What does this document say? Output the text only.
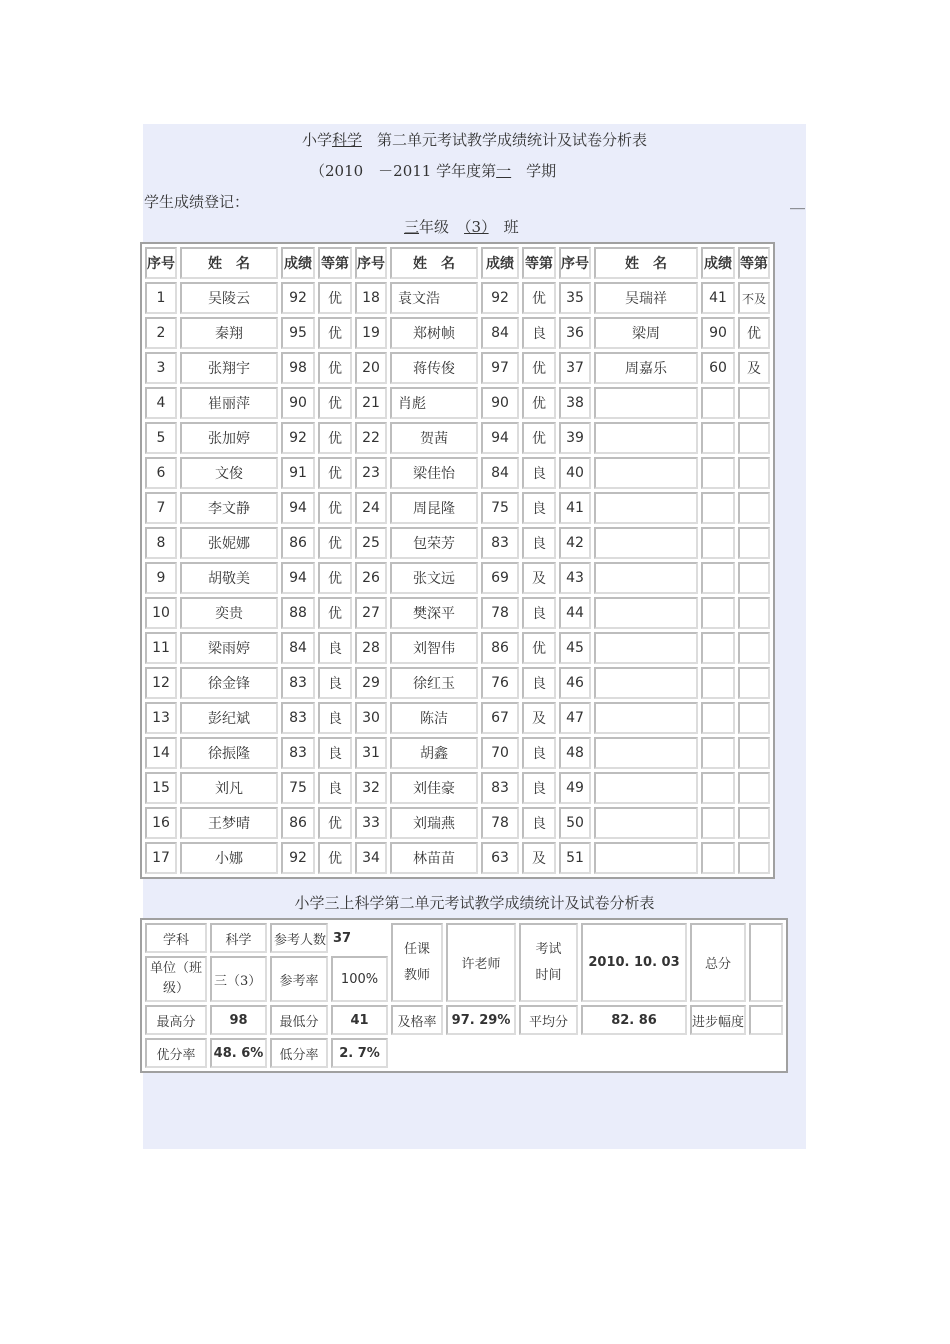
小学科学　第二单元考试教学成绩统计及试卷分析表
（2010　－2011 学年度第一　学期
学生成绩登记：	＿
三年级　 （3）　 班
序号	姓　名	成绩	等第	序号	姓　名	成绩	等第	序号	姓　名	成绩	等第
1	吴陵云	92	优	18	袁文浩	92	优	35	吴瑞祥	41	不及
2	秦翔	95	优	19	郑树帧	84	良	36	梁周	90	优
3	张翔宇	98	优	20	蒋传俊	97	优	37	周嘉乐	60	及
4	崔丽萍	90	优	21	肖彪	90	优	38			
5	张加婷	92	优	22	贺茜	94	优	39			
6	文俊	91	优	23	梁佳怡	84	良	40			
7	李文静	94	优	24	周昆隆	75	良	41			
8	张妮娜	86	优	25	包荣芳	83	良	42			
9	胡敬美	94	优	26	张文远	69	及	43			
10	奕贵	88	优	27	樊深平	78	良	44			
11	梁雨婷	84	良	28	刘智伟	86	优	45			
12	徐金锋	83	良	29	徐红玉	76	良	46			
13	彭纪斌	83	良	30	陈洁	67	及	47			
14	徐振隆	83	良	31	胡鑫	70	良	48			
15	刘凡	75	良	32	刘佳豪	83	良	49			
16	王梦晴	86	优	33	刘瑞燕	78	良	50			
17	小娜	92	优	34	林苗苗	63	及	51			
小学三上科学第二单元考试教学成绩统计及试卷分析表
学科	科学	参考人数	37	任课教师	许老师	考试时间	2010. 10. 03	总分	
单位（班级）	三（3）	参考率	100%						
最高分	98	最低分	41	及格率	97. 29%	平均分	82. 86	进步幅度	
优分率	48. 6%	低分率	2. 7%						
